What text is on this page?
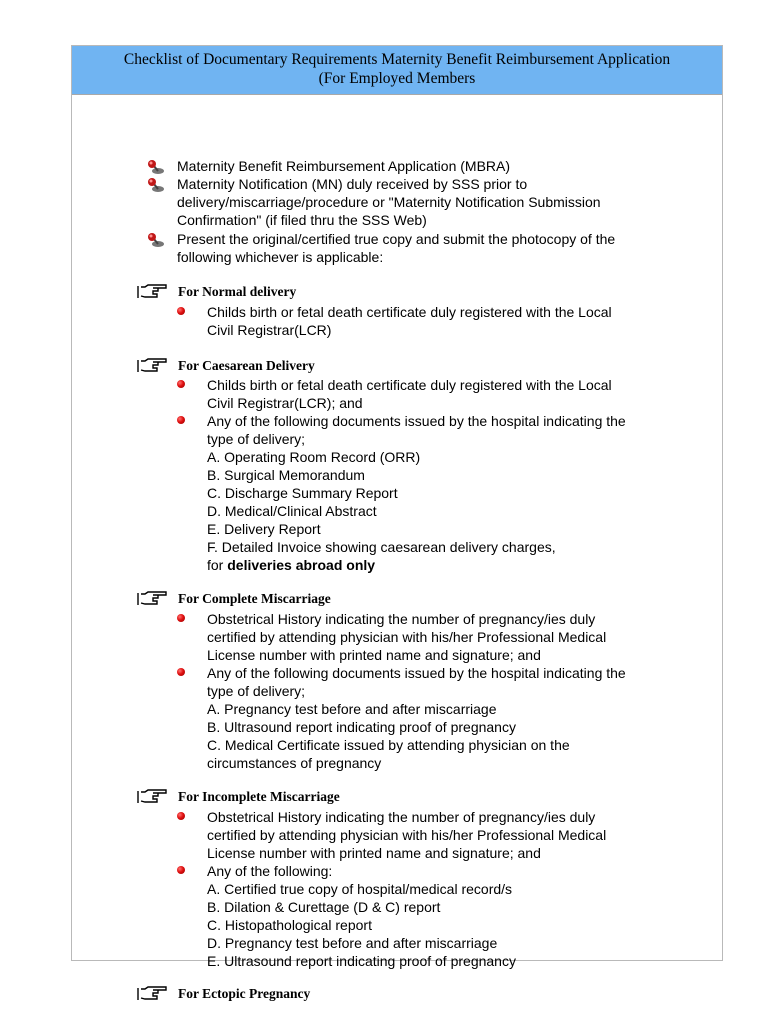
Checklist of Documentary Requirements Maternity Benefit Reimbursement Application
(For Employed Members
Maternity Benefit Reimbursement Application (MBRA)
Maternity Notification (MN) duly received by SSS prior to
delivery/miscarriage/procedure or "Maternity Notification Submission
Confirmation" (if filed thru the SSS Web)
Present the original/certified true copy and submit the photocopy of the
following whichever is applicable:
For Normal delivery
Childs birth or fetal death certificate duly registered with the Local
Civil Registrar(LCR)
For Caesarean Delivery
Childs birth or fetal death certificate duly registered with the Local
Civil Registrar(LCR); and
Any of the following documents issued by the hospital indicating the
type of delivery;
A. Operating Room Record (ORR)
B. Surgical Memorandum
C. Discharge Summary Report
D. Medical/Clinical Abstract
E. Delivery Report
F. Detailed Invoice showing caesarean delivery charges,
for deliveries abroad only
For Complete Miscarriage
Obstetrical History indicating the number of pregnancy/ies duly
certified by attending physician with his/her Professional Medical
License number with printed name and signature; and
Any of the following documents issued by the hospital indicating the
type of delivery;
A. Pregnancy test before and after miscarriage
B. Ultrasound report indicating proof of pregnancy
C. Medical Certificate issued by attending physician on the
circumstances of pregnancy
For Incomplete Miscarriage
Obstetrical History indicating the number of pregnancy/ies duly
certified by attending physician with his/her Professional Medical
License number with printed name and signature; and
Any of the following:
A. Certified true copy of hospital/medical record/s
B. Dilation & Curettage (D & C) report
C. Histopathological report
D. Pregnancy test before and after miscarriage
E. Ultrasound report indicating proof of pregnancy
For Ectopic Pregnancy
